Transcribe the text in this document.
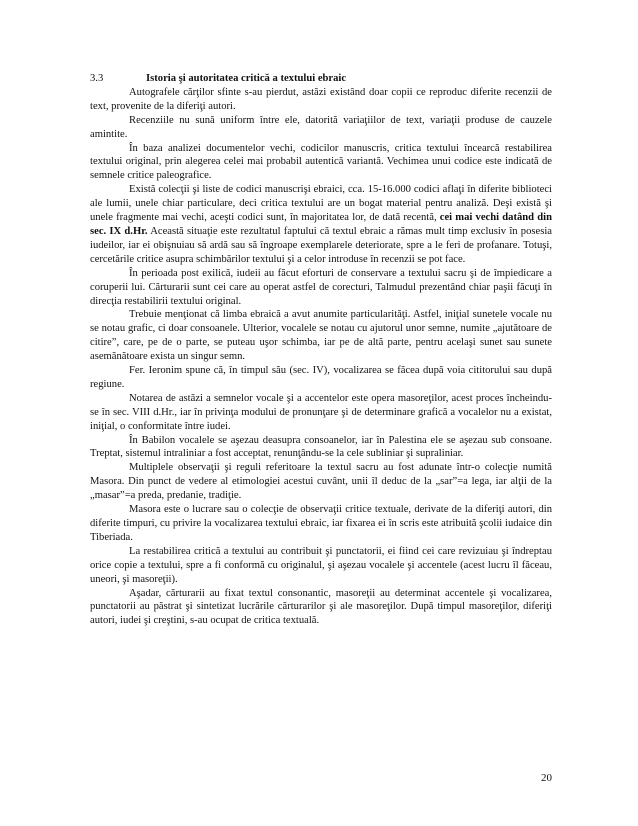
3.3	Istoria şi autoritatea critică a textului ebraic

Autografele cărţilor sfinte s-au pierdut, astăzi existând doar copii ce reproduc diferite recenzii de text, provenite de la diferiţi autori.

Recenziile nu sună uniform între ele, datorită variaţiilor de text, variaţii produse de cauzele amintite.

În baza analizei documentelor vechi, codicilor manuscris, critica textului încearcă restabilirea textului original, prin alegerea celei mai probabil autentică variantă. Vechimea unui codice este indicată de semnele critice paleografice.

Există colecţii şi liste de codici manuscrişi ebraici, cca. 15-16.000 codici aflaţi în diferite biblioteci ale lumii, unele chiar particulare, deci critica textului are un bogat material pentru analiză. Deşi există şi unele fragmente mai vechi, aceşti codici sunt, în majoritatea lor, de dată recentă, cei mai vechi datând din sec. IX d.Hr. Această situaţie este rezultatul faptului că textul ebraic a rămas mult timp exclusiv în posesia iudeilor, iar ei obişnuiau să ardă sau să îngroape exemplarele deteriorate, spre a le feri de profanare. Totuşi, cercetările critice asupra schimbărilor textului şi a celor introduse în recenzii se pot face.

În perioada post exilică, iudeii au făcut eforturi de conservare a textului sacru şi de împiedicare a coruperii lui. Cărturarii sunt cei care au operat astfel de corecturi, Talmudul prezentând chiar paşii făcuţi în direcţia restabilirii textului original.

Trebuie menţionat că limba ebraică a avut anumite particularităţi. Astfel, iniţial sunetele vocale nu se notau grafic, ci doar consoanele. Ulterior, vocalele se notau cu ajutorul unor semne, numite „ajutătoare de citire”, care, pe de o parte, se puteau uşor schimba, iar pe de altă parte, pentru acelaşi sunet sau sunete asemănătoare exista un singur semn.

Fer. Ieronim spune că, în timpul său (sec. IV), vocalizarea se făcea după voia cititorului sau după regiune.

Notarea de astăzi a semnelor vocale şi a accentelor este opera masoreţilor, acest proces încheindu-se în sec. VIII d.Hr., iar în privinţa modului de pronunţare şi de determinare grafică a vocalelor nu a existat, iniţial, o conformitate între iudei.

În Babilon vocalele se aşezau deasupra consoanelor, iar în Palestina ele se aşezau sub consoane. Treptat, sistemul intraliniar a fost acceptat, renunţându-se la cele subliniar şi supraliniar.

Multiplele observaţii şi reguli referitoare la textul sacru au fost adunate într-o colecţie numită Masora. Din punct de vedere al etimologiei acestui cuvânt, unii îl deduc de la „sar”=a lega, iar alţii de la „masar”=a preda, predanie, tradiţie.

Masora este o lucrare sau o colecţie de observaţii critice textuale, derivate de la diferiţi autori, din diferite timpuri, cu privire la vocalizarea textului ebraic, iar fixarea ei în scris este atribuită şcolii iudaice din Tiberiada.

La restabilirea critică a textului au contribuit şi punctatorii, ei fiind cei care revizuiau şi îndreptau orice copie a textului, spre a fi conformă cu originalul, şi aşezau vocalele şi accentele (acest lucru îl făceau, uneori, şi masoreţii).

Aşadar, cărturarii au fixat textul consonantic, masoreţii au determinat accentele şi vocalizarea, punctatorii au păstrat şi sintetizat lucrările cărturarilor şi ale masoreţilor. După timpul masoreţilor, diferiţi autori, iudei şi creştini, s-au ocupat de critica textuală.

20
